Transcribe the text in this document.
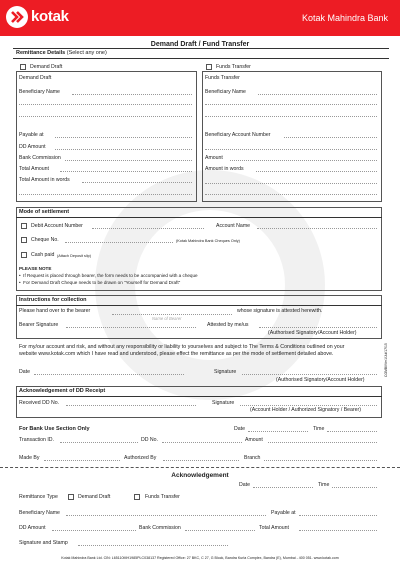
kotak	Kotak Mahindra Bank
Demand Draft / Fund Transfer
Remittance Details (Select any one)
Demand Draft	Funds Transfer
Demand Draft
Beneficiary Name
Payable at
DD Amount
Bank Commission
Total Amount
Total Amount in words
Funds Transfer
Beneficiary Name
Beneficiary Account Number
Amount
Amount in words
Mode of settlement
Debit Account Number	Account Name
Cheque No.	(Kotak Mahindra Bank Cheques Only)
Cash paid (Attach Deposit slip)
PLEASE NOTE
•  If Request is placed through bearer, the form needs to be accompanied with a cheque
•  For Demand Draft Cheque needs to be drawn on "Yourself for Demand Draft"
Instructions for collection
Please hand over to the bearer
Name of Bearer
whose signature is attested herewith.
Bearer Signature	Attested by me/us
(Authorised Signatory/Account Holder)
For my/our account and risk, and without any responsibility or liability to yourselves and subject to The Terms & Conditions outlined on your
website www.kotak.com which I have read and understood, please effect the remittance as per the mode of settlement detailed above.	COMBI/Ver1/Jul/17/15
Date	Signature
(Authorised Signatory/Account Holder)
Acknowledgement of DD Receipt
Received DD No.	Signature
(Account Holder / Authorized Signatory / Bearer)
For Bank Use Section Only	Date	Time
Transaction ID.	DD No.	Amount
Made By	Authorized By	Branch
Acknowledgement
Date	Time
Remittance Type	Demand Draft	Funds Transfer
Beneficiary Name	Payable at
DD Amount	Bank Commission	Total Amount
Signature and Stamp
Kotak Mahindra Bank Ltd. CIN: L65110MH1985PLC038137 Registered Office: 27 BKC, C 27, G Block, Bandra Kurla Complex, Bandra (E), Mumbai - 400 051. www.kotak.com
